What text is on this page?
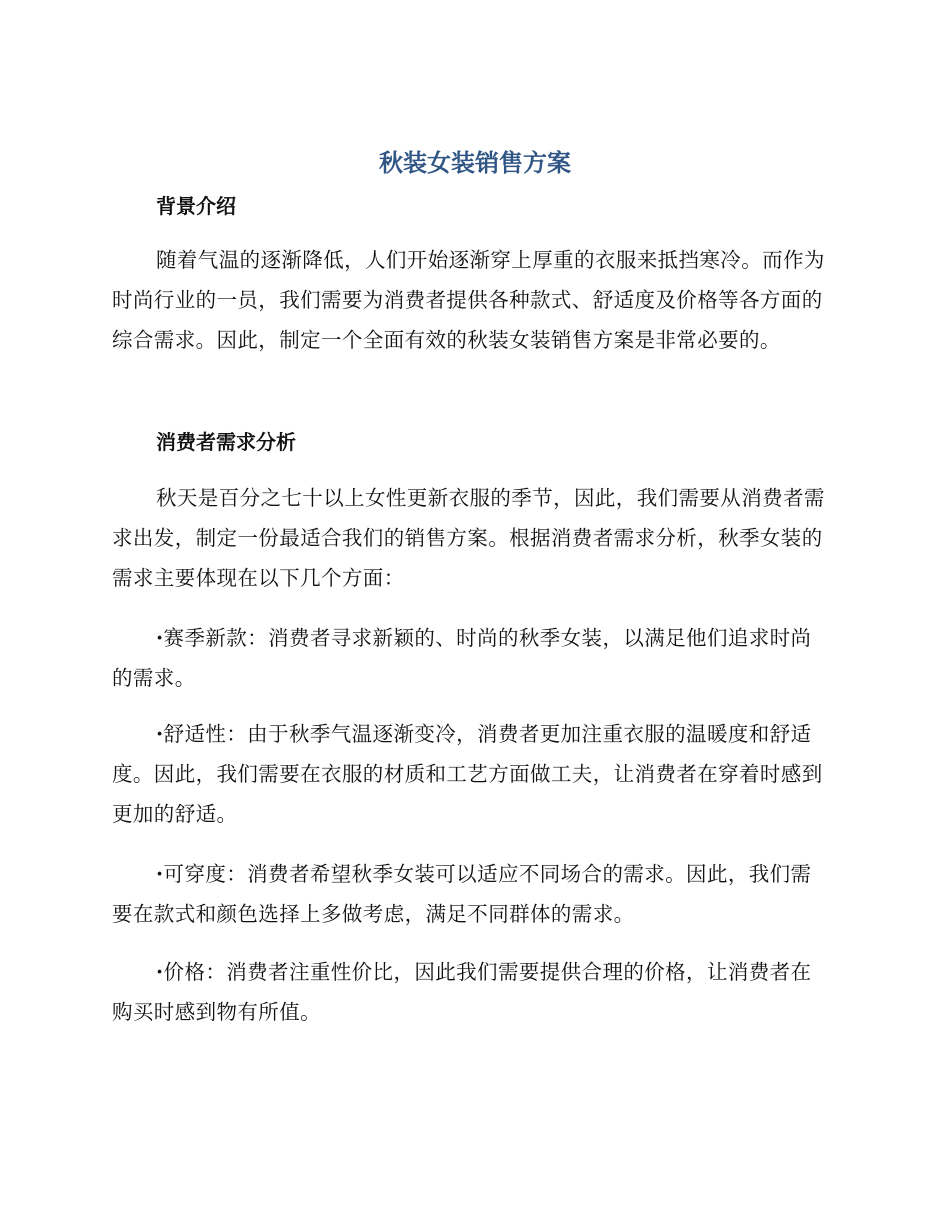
秋装女装销售方案
背景介绍

随着气温的逐渐降低，人们开始逐渐穿上厚重的衣服来抵挡寒冷。而作为时尚行业的一员，我们需要为消费者提供各种款式、舒适度及价格等各方面的综合需求。因此，制定一个全面有效的秋装女装销售方案是非常必要的。

消费者需求分析

秋天是百分之七十以上女性更新衣服的季节，因此，我们需要从消费者需求出发，制定一份最适合我们的销售方案。根据消费者需求分析，秋季女装的需求主要体现在以下几个方面：

·赛季新款：消费者寻求新颖的、时尚的秋季女装，以满足他们追求时尚的需求。

·舒适性：由于秋季气温逐渐变冷，消费者更加注重衣服的温暖度和舒适度。因此，我们需要在衣服的材质和工艺方面做工夫，让消费者在穿着时感到更加的舒适。

·可穿度：消费者希望秋季女装可以适应不同场合的需求。因此，我们需要在款式和颜色选择上多做考虑，满足不同群体的需求。

·价格：消费者注重性价比，因此我们需要提供合理的价格，让消费者在购买时感到物有所值。
